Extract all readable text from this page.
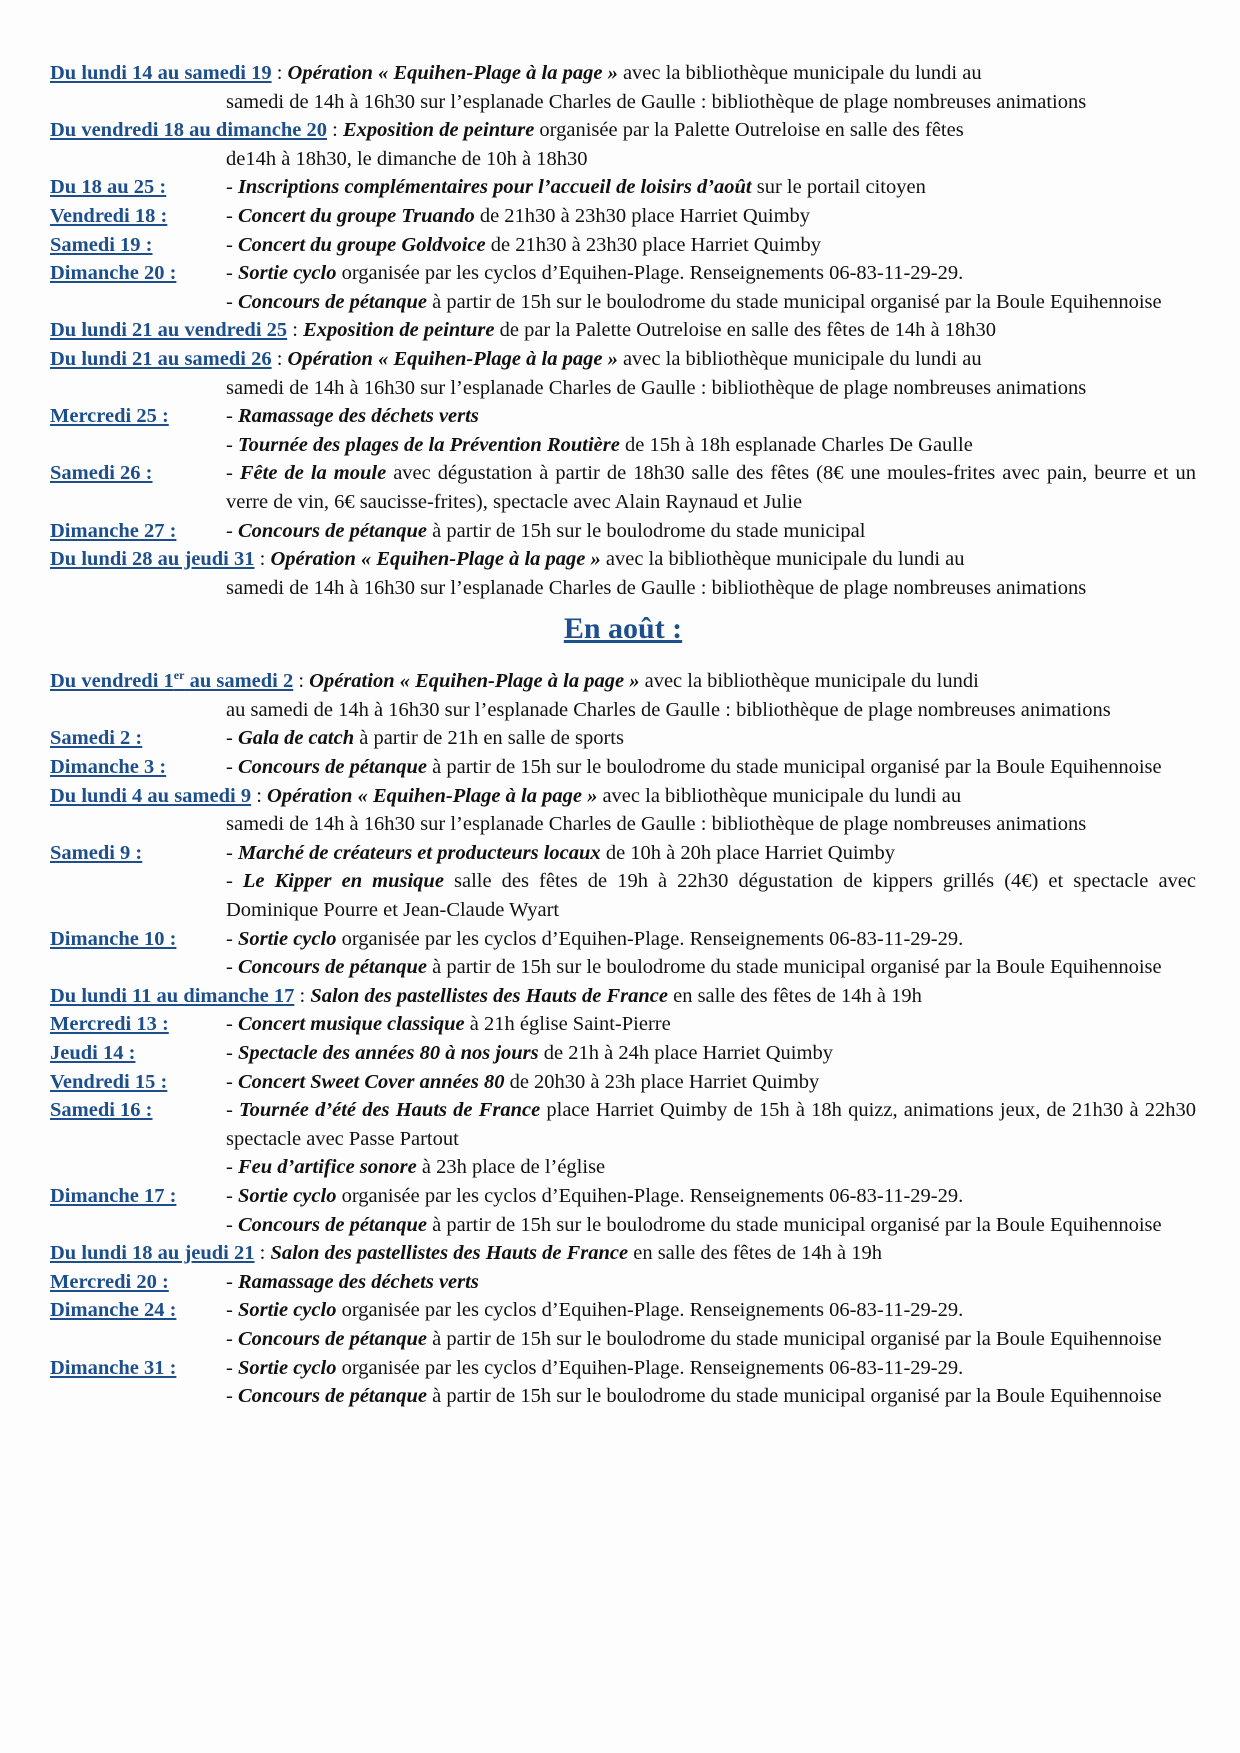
Du lundi 14 au samedi 19 : Opération « Equihen-Plage à la page » avec la bibliothèque municipale du lundi au
samedi de 14h à 16h30 sur l’esplanade Charles de Gaulle : bibliothèque de plage nombreuses animations
Du vendredi 18 au dimanche 20 : Exposition de peinture organisée par la Palette Outreloise en salle des fêtes
de14h à 18h30, le dimanche de 10h à 18h30
Du 18 au 25 :	- Inscriptions complémentaires pour l’accueil de loisirs d’août sur le portail citoyen
Vendredi 18 :	- Concert du groupe Truando de 21h30 à 23h30 place Harriet Quimby
Samedi 19 :	- Concert du groupe Goldvoice de 21h30 à 23h30 place Harriet Quimby
Dimanche 20 : - Sortie cyclo organisée par les cyclos d’Equihen-Plage. Renseignements 06-83-11-29-29.
- Concours de pétanque à partir de 15h sur le boulodrome du stade municipal organisé par la Boule Equihennoise
Du lundi 21 au vendredi 25 : Exposition de peinture de par la Palette Outreloise en salle des fêtes de 14h à 18h30
Du lundi 21 au samedi 26 : Opération « Equihen-Plage à la page » avec la bibliothèque municipale du lundi au
samedi de 14h à 16h30 sur l’esplanade Charles de Gaulle : bibliothèque de plage nombreuses animations
Mercredi 25 :	- Ramassage des déchets verts
- Tournée des plages de la Prévention Routière de 15h à 18h esplanade Charles De Gaulle
Samedi 26 :	- Fête de la moule avec dégustation à partir de 18h30 salle des fêtes (8€ une moules-frites avec pain, beurre et un verre de vin, 6€ saucisse-frites), spectacle avec Alain Raynaud et Julie
Dimanche 27 : - Concours de pétanque à partir de 15h sur le boulodrome du stade municipal
Du lundi 28 au jeudi 31 : Opération « Equihen-Plage à la page » avec la bibliothèque municipale du lundi au
samedi de 14h à 16h30 sur l’esplanade Charles de Gaulle : bibliothèque de plage nombreuses animations
En août :
Du vendredi 1er au samedi 2 : Opération « Equihen-Plage à la page » avec la bibliothèque municipale du lundi
au samedi de 14h à 16h30 sur l’esplanade Charles de Gaulle : bibliothèque de plage nombreuses animations
Samedi 2 :	- Gala de catch à partir de 21h en salle de sports
Dimanche 3 :	- Concours de pétanque à partir de 15h sur le boulodrome du stade municipal organisé par la Boule Equihennoise
Du lundi 4 au samedi 9 : Opération « Equihen-Plage à la page » avec la bibliothèque municipale du lundi au
samedi de 14h à 16h30 sur l’esplanade Charles de Gaulle : bibliothèque de plage nombreuses animations
Samedi 9 :	- Marché de créateurs et producteurs locaux de 10h à 20h place Harriet Quimby
- Le Kipper en musique salle des fêtes de 19h à 22h30 dégustation de kippers grillés (4€) et spectacle avec Dominique Pourre et Jean-Claude Wyart
Dimanche 10 : - Sortie cyclo organisée par les cyclos d’Equihen-Plage. Renseignements 06-83-11-29-29.
- Concours de pétanque à partir de 15h sur le boulodrome du stade municipal organisé par la Boule Equihennoise
Du lundi 11 au dimanche 17 : Salon des pastellistes des Hauts de France en salle des fêtes de 14h à 19h
Mercredi 13 :	- Concert musique classique à 21h église Saint-Pierre
Jeudi 14 :	- Spectacle des années 80 à nos jours de 21h à 24h place Harriet Quimby
Vendredi 15 :	- Concert Sweet Cover années 80 de 20h30 à 23h place Harriet Quimby
Samedi 16 :	- Tournée d’été des Hauts de France place Harriet Quimby de 15h à 18h quizz, animations jeux, de 21h30 à 22h30 spectacle avec Passe Partout
- Feu d’artifice sonore à 23h place de l’église
Dimanche 17 : - Sortie cyclo organisée par les cyclos d’Equihen-Plage. Renseignements 06-83-11-29-29.
- Concours de pétanque à partir de 15h sur le boulodrome du stade municipal organisé par la Boule Equihennoise
Du lundi 18 au jeudi 21 : Salon des pastellistes des Hauts de France en salle des fêtes de 14h à 19h
Mercredi 20 :	- Ramassage des déchets verts
Dimanche 24 : - Sortie cyclo organisée par les cyclos d’Equihen-Plage. Renseignements 06-83-11-29-29.
- Concours de pétanque à partir de 15h sur le boulodrome du stade municipal organisé par la Boule Equihennoise
Dimanche 31 : - Sortie cyclo organisée par les cyclos d’Equihen-Plage. Renseignements 06-83-11-29-29.
- Concours de pétanque à partir de 15h sur le boulodrome du stade municipal organisé par la Boule Equihennoise
